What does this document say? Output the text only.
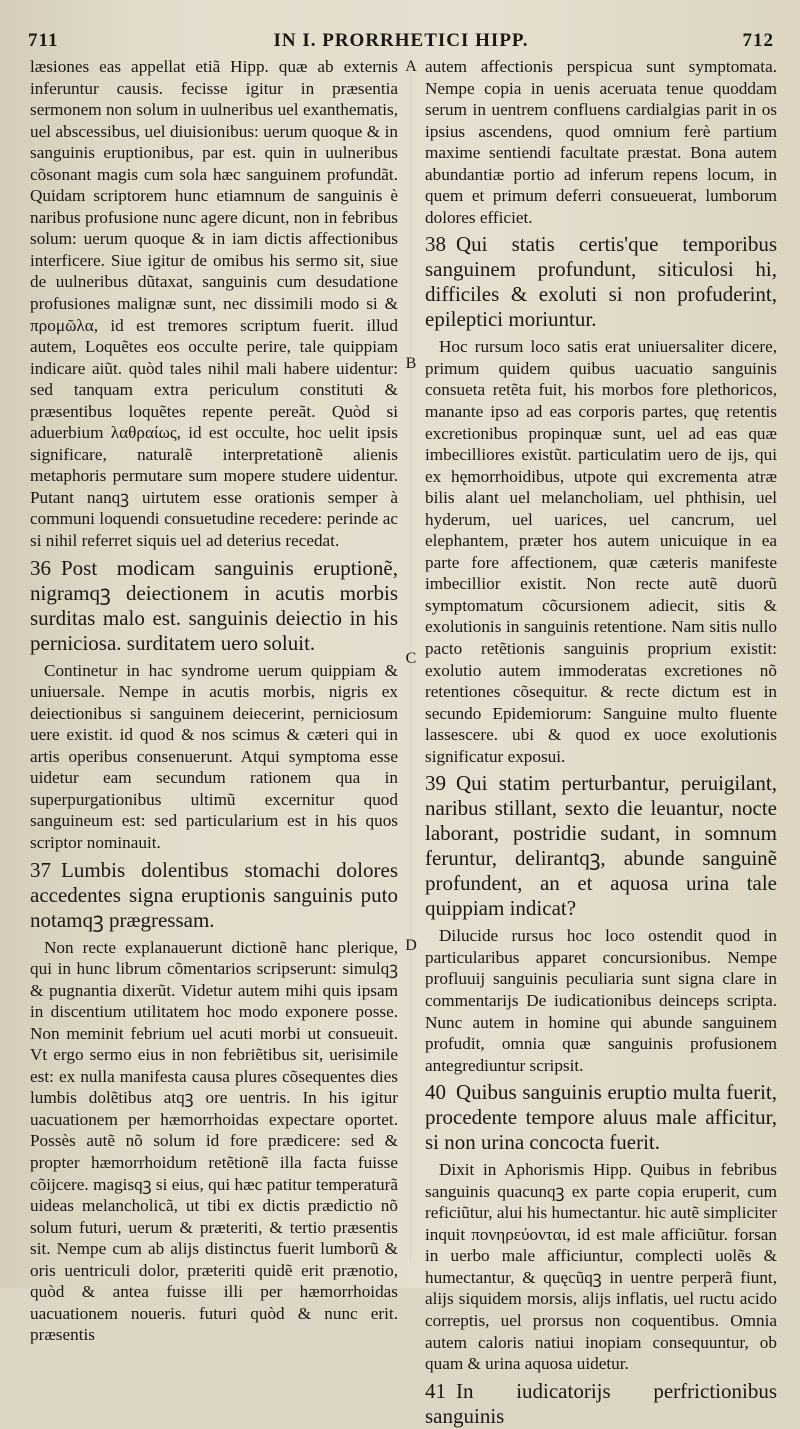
711	IN I. PRORRHETICI HIPP.	712
A
B
C
D

læsiones eas appellat etiã Hipp. quæ ab externis inferuntur causis. fecisse igitur in præsentia sermonem non solum in uulneribus uel exanthematis, uel abscessibus, uel diuisionibus: uerum quoque & in sanguinis eruptionibus, par est. quin in uulneribus cõsonant magis cum sola hæc sanguinem profundãt. Quidam scriptorem hunc etiamnum de sanguinis è naribus profusione nunc agere dicunt, non in febribus solum: uerum quoque & in iam dictis affectionibus interficere. Siue igitur de omibus his sermo sit, siue de uulneribus dũtaxat, sanguinis cum desudatione profusiones malignæ sunt, nec dissimili modo si & προμῶλα, id est tremores scriptum fuerit. illud autem, Loquẽtes eos occulte perire, tale quippiam indicare aiũt. quòd tales nihil mali habere uidentur: sed tanquam extra periculum constituti & præsentibus loquẽtes repente pereãt. Quòd si aduerbium λαθραίως, id est occulte, hoc uelit ipsis significare, naturalẽ interpretationẽ alienis metaphoris permutare sum mopere studere uidentur. Putant nanqꝫ uirtutem esse orationis semper à communi loquendi consuetudine recedere: perinde ac si nihil referret siquis uel ad deterius recedat.

36 Post modicam sanguinis eruptionẽ, nigramqꝫ deiectionem in acutis morbis surditas malo est. sanguinis deiectio in his perniciosa. surditatem uero soluit.

Continetur in hac syndrome uerum quippiam & uniuersale. Nempe in acutis morbis, nigris ex deiectionibus si sanguinem deiecerint, perniciosum uere existit. id quod & nos scimus & cæteri qui in artis operibus consenuerunt. Atqui symptoma esse uidetur eam secundum rationem qua in superpurgationibus ultimũ excernitur quod sanguineum est: sed particularium est in his quos scriptor nominauit.

37 Lumbis dolentibus stomachi dolores accedentes signa eruptionis sanguinis puto notamqꝫ prægressam.

Non recte explanauerunt dictionẽ hanc plerique, qui in hunc librum cõmentarios scripserunt: simulqꝫ & pugnantia dixerũt. Videtur autem mihi quis ipsam in discentium utilitatem hoc modo exponere posse. Non meminit febrium uel acuti morbi ut consueuit. Vt ergo sermo eius in non febriẽtibus sit, uerisimile est: ex nulla manifesta causa plures cõsequentes dies lumbis dolẽtibus atqꝫ ore uentris. In his igitur uacuationem per hæmorrhoidas expectare oportet. Possès autẽ nõ solum id fore prædicere: sed & propter hæmorrhoidum retẽtionẽ illa facta fuisse cõijcere. magisqꝫ si eius, qui hæc patitur temperaturã uideas melancholicã, ut tibi ex dictis prædictio nõ solum futuri, uerum & præteriti, & tertio præsentis sit. Nempe cum ab alijs distinctus fuerit lumborũ & oris uentriculi dolor, præteriti quidẽ erit prænotio, quòd & antea fuisse illi per hæmorrhoidas uacuationem noueris. futuri quòd & nunc erit. præsentis

autem affectionis perspicua sunt symptomata. Nempe copia in uenis aceruata tenue quoddam serum in uentrem confluens cardialgias parit in os ipsius ascendens, quod omnium ferè partium maxime sentiendi facultate præstat. Bona autem abundantiæ portio ad inferum repens locum, in quem et primum deferri consueuerat, lumborum dolores efficiet.

38 Qui statis certis'que temporibus sanguinem profundunt, siticulosi hi, difficiles & exoluti si non profuderint, epileptici moriuntur.

Hoc rursum loco satis erat uniuersaliter dicere, primum quidem quibus uacuatio sanguinis consueta retẽta fuit, his morbos fore plethoricos, manante ipso ad eas corporis partes, quę retentis excretionibus propinquæ sunt, uel ad eas quæ imbecilliores existũt. particulatim uero de ijs, qui ex hęmorrhoidibus, utpote qui excrementa atræ bilis alant uel melancholiam, uel phthisin, uel hyderum, uel uarices, uel cancrum, uel elephantem, præter hos autem unicuique in ea parte fore affectionem, quæ cæteris manifeste imbecillior existit. Non recte autẽ duorũ symptomatum cõcursionem adiecit, sitis & exolutionis in sanguinis retentione. Nam sitis nullo pacto retẽtionis sanguinis proprium existit: exolutio autem immoderatas excretiones nõ retentiones cõsequitur. & recte dictum est in secundo Epidemiorum: Sanguine multo fluente lassescere. ubi & quod ex uoce exolutionis significatur exposui.

39 Qui statim perturbantur, peruigilant, naribus stillant, sexto die leuantur, nocte laborant, postridie sudant, in somnum feruntur, delirantqꝫ, abunde sanguinẽ profundent, an et aquosa urina tale quippiam indicat?

Dilucide rursus hoc loco ostendit quod in particularibus apparet concursionibus. Nempe profluuij sanguinis peculiaria sunt signa clare in commentarijs De iudicationibus deinceps scripta. Nunc autem in homine qui abunde sanguinem profudit, omnia quæ sanguinis profusionem antegrediuntur scripsit.

40 Quibus sanguinis eruptio multa fuerit, procedente tempore aluus male afficitur, si non urina concocta fuerit.

Dixit in Aphorismis Hipp. Quibus in febribus sanguinis quacunqꝫ ex parte copia eruperit, cum reficiũtur, alui his humectantur. hic autẽ simpliciter inquit πονηρεύονται, id est male afficiũtur. forsan in uerbo male afficiuntur, complecti uolẽs & humectantur, & quęcũqꝫ in uentre perperã fiunt, alijs siquidem morsis, alijs inflatis, uel ructu acido correptis, uel prorsus non coquentibus. Omnia autem caloris natiui inopiam consequuntur, ob quam & urina aquosa uidetur.

41 In iudicatorijs perfrictionibus sanguinis
